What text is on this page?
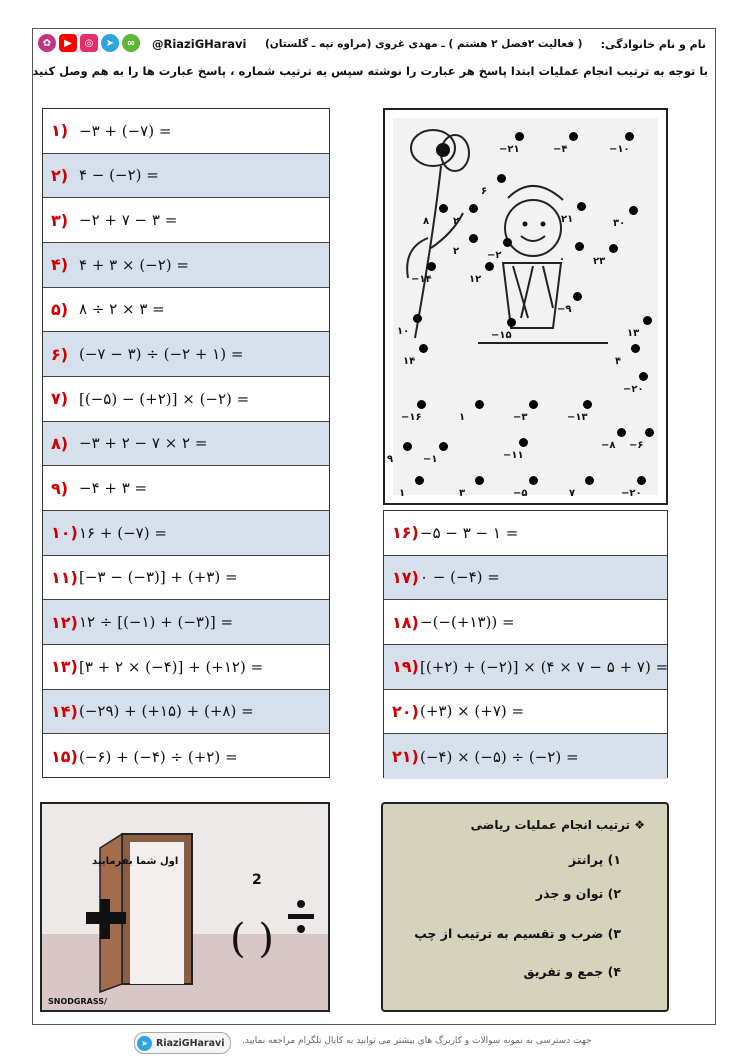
✿	▶	◎	➤	∞	@RiaziGHaravi ( فعالیت ۲فصل ۲ هشتم ) ـ مهدی غروی (مراوه تپه ـ گلستان) نام و نام خانوادگی:
با توجه به ترتیب انجام عملیات ابتدا پاسخ هر عبارت را نوشته سپس به ترتیب شماره ، پاسخ عبارت ها را به هم وصل کنید
۱) −۳ + (−۷) =
۲) ۴ − (−۲) =
۳) −۲ + ۷ − ۳ =
۴) ۴ + ۳ × (−۲) =
۵) ۸ ÷ ۲ × ۳ =
۶) (−۷ − ۳) ÷ (−۲ + ۱) =
۷) [(−۵) − (+۲)] × (−۲) =
۸) −۳ + ۲ − ۷ × ۲ =
۹) −۴ + ۳ =
۱۰) ۱۶ + (−۷) =
۱۱) [−۳ − (−۳)] + (+۳) =
۱۲) ۱۲ ÷ [(−۱) + (−۳)] =
۱۳) [۳ + ۲ × (−۴)] + (+۱۲) =
۱۴) (−۲۹) + (+۱۵) + (+۸) =
۱۵) (−۶) + (−۴) ÷ (+۲) =
۱۶) −۵ − ۳ − ۱ =
۱۷) ۰ − (−۴) =
۱۸) −(−(+۱۳)) =
۱۹) [(+۲) + (−۲)] × (۴ × ۷ − ۵ + ۷) =
۲۰) (+۳) × (+۷) =
۲۱) (−۴) × (−۵) ÷ (−۲) =
−۲۱	−۴	−۱۰
۶
۸ ۲	۲۱	۳۰
۲	−۲	۰
−۱۴	۱۲
۲۳
−۱۵
−۹
۱۰	۱۳
۱۴	۴
−۲۰
−۱۶	۱	−۳	−۱۳
−۸ −۶
۹	−۱	−۱۱
۱	۳	−۵	۷	−۲۰
( )
2
اول شما بفرمایید
SNODGRASS/
❖ ترتیب انجام عملیات ریاضی
۱) پرانتز
۲) توان و جذر
۳) ضرب و تقسیم به ترتیب از چپ
۴) جمع و تفریق
➤ RiaziGHaravi جهت دسترسی به نمونه سوالات و کاربرگ های بیشتر می توانید به کانال تلگرام مراجعه نمایید.
